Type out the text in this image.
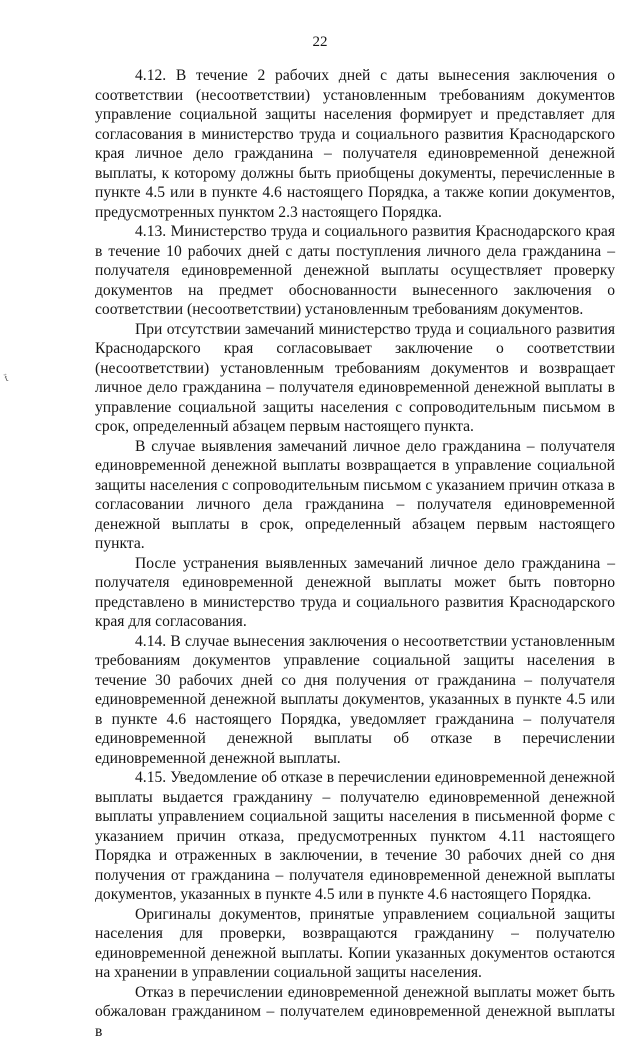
22
ẗ

4.12. В течение 2 рабочих дней с даты вынесения заключения о соответствии (несоответствии) установленным требованиям документов управление социальной защиты населения формирует и представляет для согласования в министерство труда и социального развития Краснодарского края личное дело гражданина – получателя единовременной денежной выплаты, к которому должны быть приобщены документы, перечисленные в пункте 4.5 или в пункте 4.6 настоящего Порядка, а также копии документов, предусмотренных пунктом 2.3 настоящего Порядка.

4.13. Министерство труда и социального развития Краснодарского края в течение 10 рабочих дней с даты поступления личного дела гражданина – получателя единовременной денежной выплаты осуществляет проверку документов на предмет обоснованности вынесенного заключения о соответствии (несоответствии) установленным требованиям документов.

При отсутствии замечаний министерство труда и социального развития Краснодарского края согласовывает заключение о соответствии (несоответствии) установленным требованиям документов и возвращает личное дело гражданина – получателя единовременной денежной выплаты в управление социальной защиты населения с сопроводительным письмом в срок, определенный абзацем первым настоящего пункта.

В случае выявления замечаний личное дело гражданина – получателя единовременной денежной выплаты возвращается в управление социальной защиты населения с сопроводительным письмом с указанием причин отказа в согласовании личного дела гражданина – получателя единовременной денежной выплаты в срок, определенный абзацем первым настоящего пункта.

После устранения выявленных замечаний личное дело гражданина – получателя единовременной денежной выплаты может быть повторно представлено в министерство труда и социального развития Краснодарского края для согласования.

4.14. В случае вынесения заключения о несоответствии установленным требованиям документов управление социальной защиты населения в течение 30 рабочих дней со дня получения от гражданина – получателя единовременной денежной выплаты документов, указанных в пункте 4.5 или в пункте 4.6 настоящего Порядка, уведомляет гражданина – получателя единовременной денежной выплаты об отказе в перечислении единовременной денежной выплаты.

4.15. Уведомление об отказе в перечислении единовременной денежной выплаты выдается гражданину – получателю единовременной денежной выплаты управлением социальной защиты населения в письменной форме с указанием причин отказа, предусмотренных пунктом 4.11 настоящего Порядка и отраженных в заключении, в течение 30 рабочих дней со дня получения от гражданина – получателя единовременной денежной выплаты документов, указанных в пункте 4.5 или в пункте 4.6 настоящего Порядка.

Оригиналы документов, принятые управлением социальной защиты населения для проверки, возвращаются гражданину – получателю единовременной денежной выплаты. Копии указанных документов остаются на хранении в управлении социальной защиты населения.

Отказ в перечислении единовременной денежной выплаты может быть обжалован гражданином – получателем единовременной денежной выплаты в
